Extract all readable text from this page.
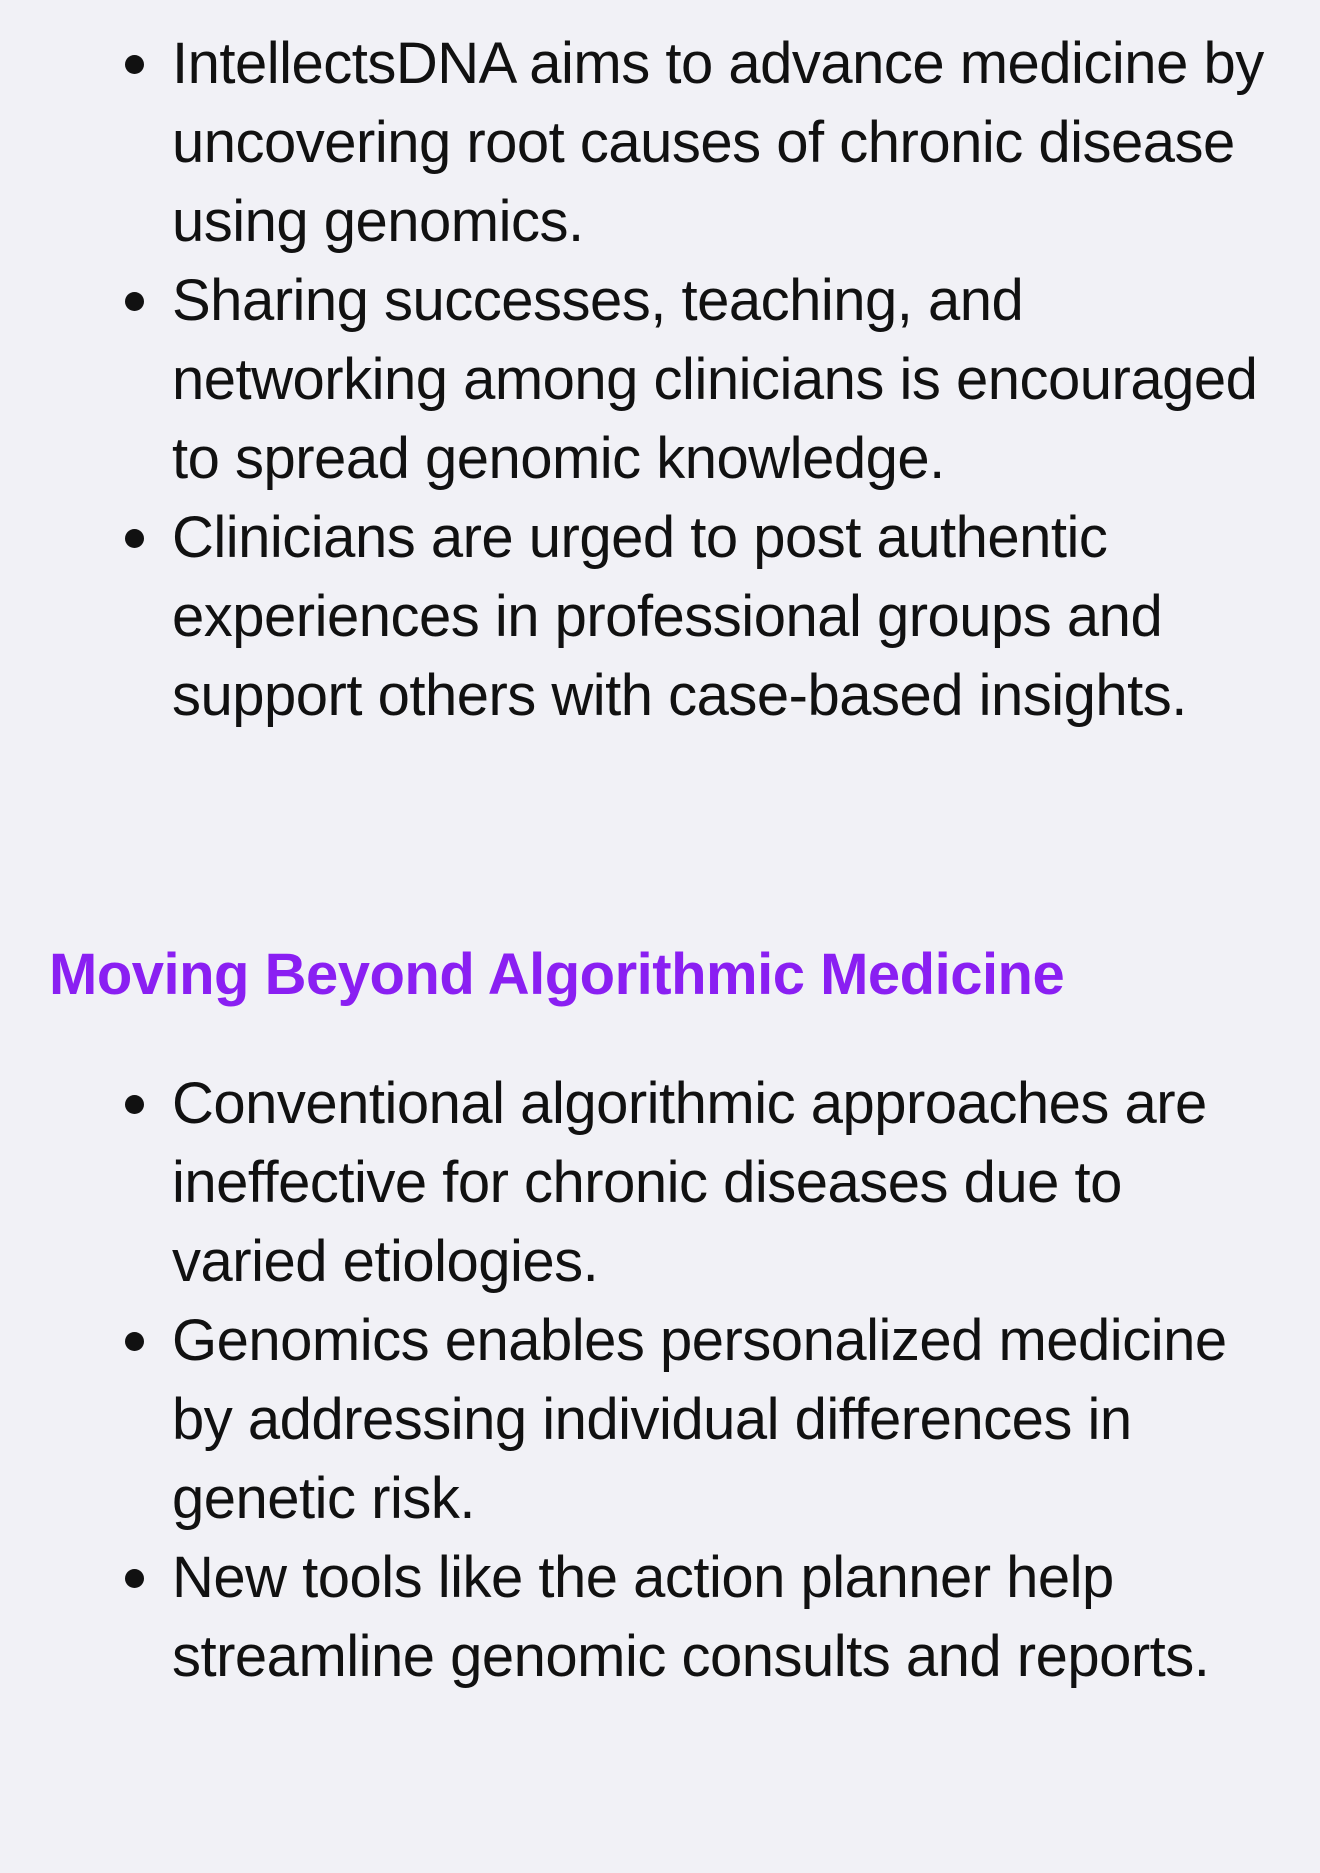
IntellectsDNA aims to advance medicine by uncovering root causes of chronic disease using genomics.
Sharing successes, teaching, and networking among clinicians is encouraged to spread genomic knowledge.
Clinicians are urged to post authentic experiences in professional groups and support others with case-based insights.
Moving Beyond Algorithmic Medicine
Conventional algorithmic approaches are ineffective for chronic diseases due to varied etiologies.
Genomics enables personalized medicine by addressing individual differences in genetic risk.
New tools like the action planner help streamline genomic consults and reports.
